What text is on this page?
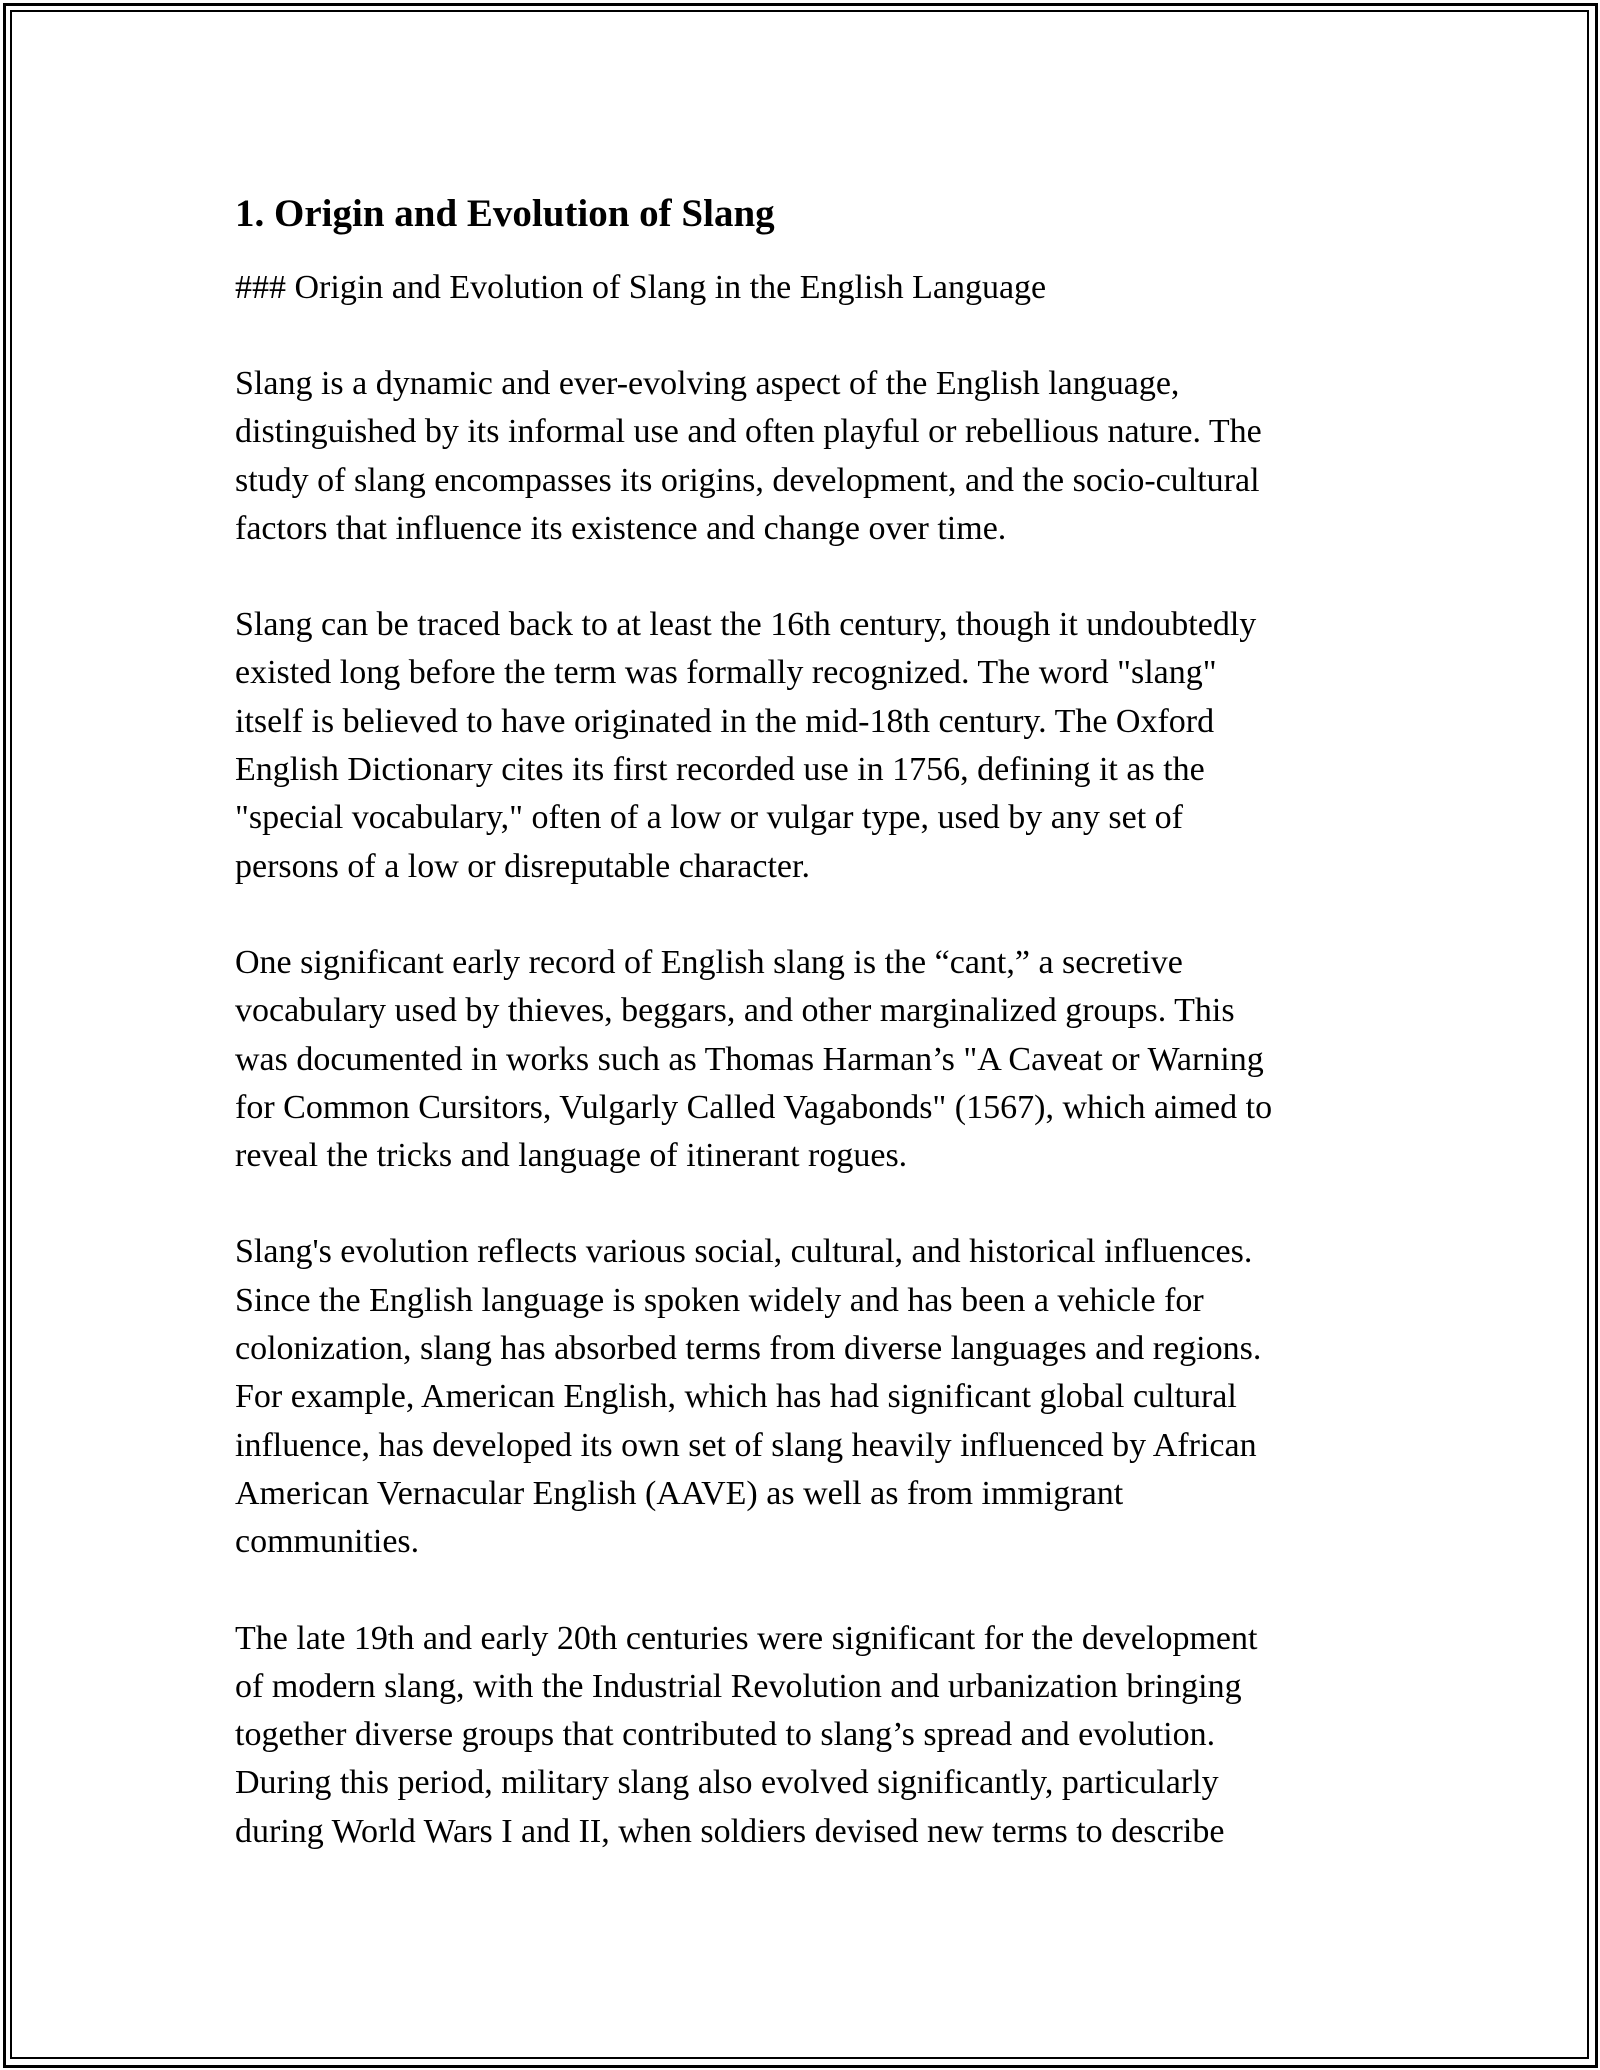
1. Origin and Evolution of Slang

### Origin and Evolution of Slang in the English Language

Slang is a dynamic and ever-evolving aspect of the English language,
distinguished by its informal use and often playful or rebellious nature. The
study of slang encompasses its origins, development, and the socio-cultural
factors that influence its existence and change over time.

Slang can be traced back to at least the 16th century, though it undoubtedly
existed long before the term was formally recognized. The word "slang"
itself is believed to have originated in the mid-18th century. The Oxford
English Dictionary cites its first recorded use in 1756, defining it as the
"special vocabulary," often of a low or vulgar type, used by any set of
persons of a low or disreputable character.

One significant early record of English slang is the “cant,” a secretive
vocabulary used by thieves, beggars, and other marginalized groups. This
was documented in works such as Thomas Harman’s "A Caveat or Warning
for Common Cursitors, Vulgarly Called Vagabonds" (1567), which aimed to
reveal the tricks and language of itinerant rogues.

Slang's evolution reflects various social, cultural, and historical influences.
Since the English language is spoken widely and has been a vehicle for
colonization, slang has absorbed terms from diverse languages and regions.
For example, American English, which has had significant global cultural
influence, has developed its own set of slang heavily influenced by African
American Vernacular English (AAVE) as well as from immigrant
communities.

The late 19th and early 20th centuries were significant for the development
of modern slang, with the Industrial Revolution and urbanization bringing
together diverse groups that contributed to slang’s spread and evolution.
During this period, military slang also evolved significantly, particularly
during World Wars I and II, when soldiers devised new terms to describe
